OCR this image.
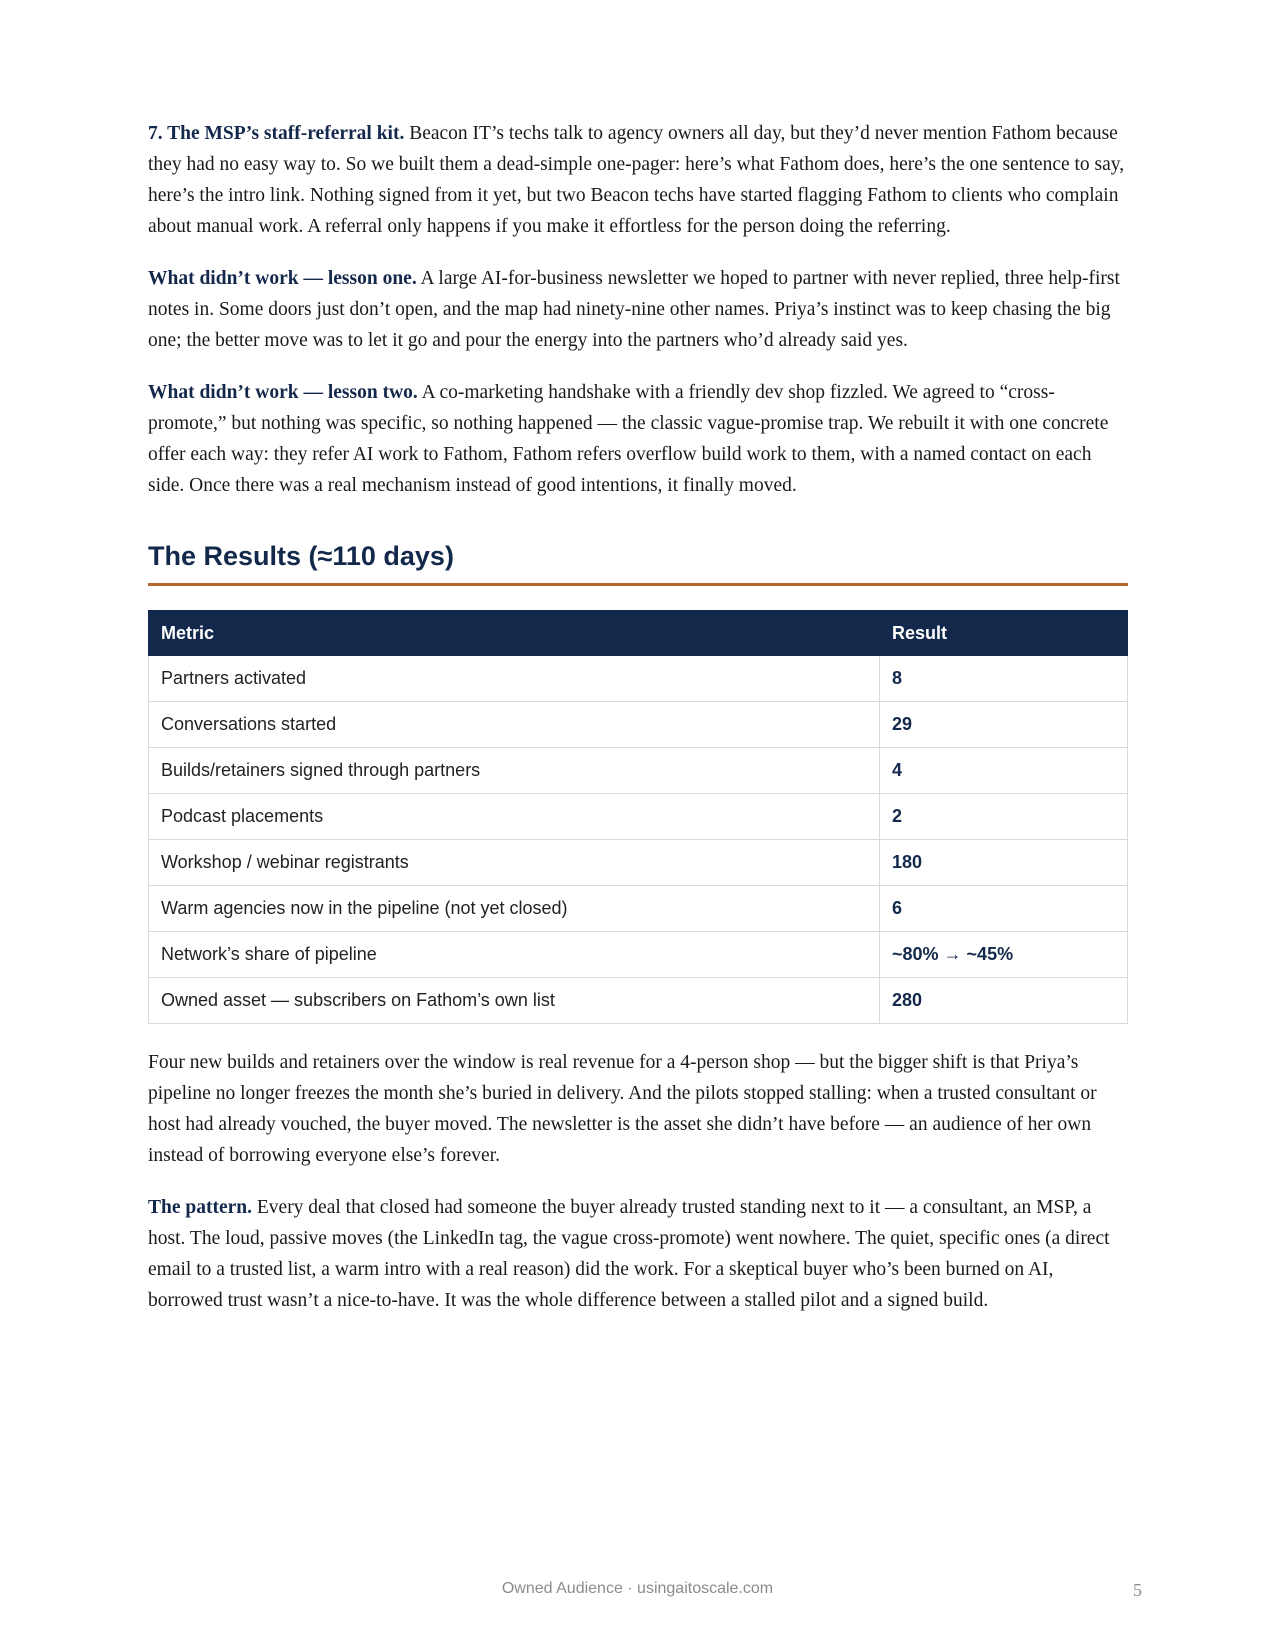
7. The MSP’s staff-referral kit. Beacon IT’s techs talk to agency owners all day, but they’d never mention Fathom because they had no easy way to. So we built them a dead-simple one-pager: here’s what Fathom does, here’s the one sentence to say, here’s the intro link. Nothing signed from it yet, but two Beacon techs have started flagging Fathom to clients who complain about manual work. A referral only happens if you make it effortless for the person doing the referring.

What didn’t work — lesson one. A large AI-for-business newsletter we hoped to partner with never replied, three help-first notes in. Some doors just don’t open, and the map had ninety-nine other names. Priya’s instinct was to keep chasing the big one; the better move was to let it go and pour the energy into the partners who’d already said yes.

What didn’t work — lesson two. A co-marketing handshake with a friendly dev shop fizzled. We agreed to “cross-promote,” but nothing was specific, so nothing happened — the classic vague-promise trap. We rebuilt it with one concrete offer each way: they refer AI work to Fathom, Fathom refers overflow build work to them, with a named contact on each side. Once there was a real mechanism instead of good intentions, it finally moved.

The Results (≈110 days)
Metric	Result
Partners activated	8
Conversations started	29
Builds/retainers signed through partners	4
Podcast placements	2
Workshop / webinar registrants	180
Warm agencies now in the pipeline (not yet closed)	6
Network’s share of pipeline	~80% → ~45%
Owned asset — subscribers on Fathom’s own list	280

Four new builds and retainers over the window is real revenue for a 4-person shop — but the bigger shift is that Priya’s pipeline no longer freezes the month she’s buried in delivery. And the pilots stopped stalling: when a trusted consultant or host had already vouched, the buyer moved. The newsletter is the asset she didn’t have before — an audience of her own instead of borrowing everyone else’s forever.

The pattern. Every deal that closed had someone the buyer already trusted standing next to it — a consultant, an MSP, a host. The loud, passive moves (the LinkedIn tag, the vague cross-promote) went nowhere. The quiet, specific ones (a direct email to a trusted list, a warm intro with a real reason) did the work. For a skeptical buyer who’s been burned on AI, borrowed trust wasn’t a nice-to-have. It was the whole difference between a stalled pilot and a signed build.

Owned Audience · usingaitoscale.com	5
